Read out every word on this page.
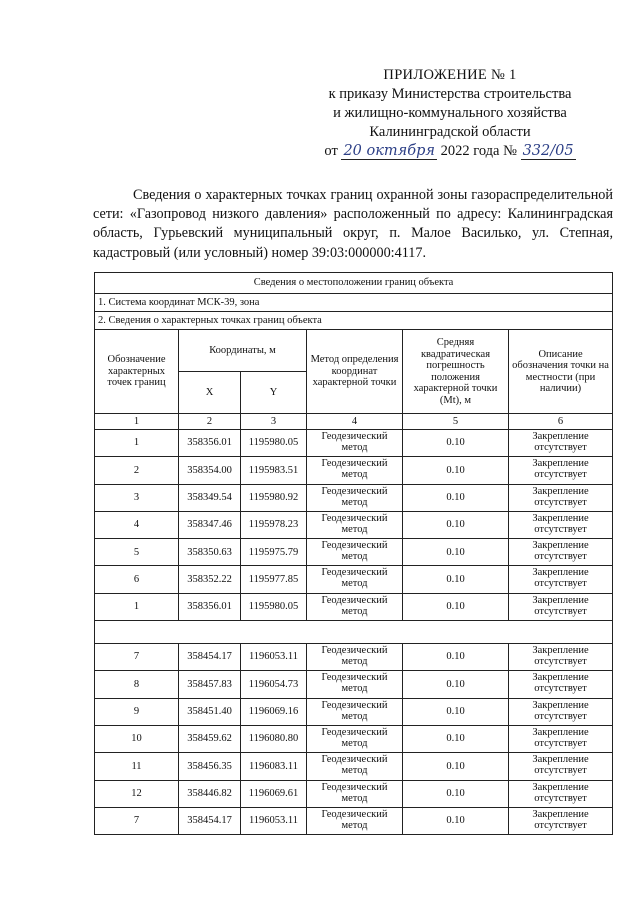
ПРИЛОЖЕНИЕ № 1
к приказу Министерства строительства
и жилищно-коммунального хозяйства
Калининградской области
от 20 октября 2022 года № 332/05
Сведения о характерных точках границ охранной зоны газораспределительной сети: «Газопровод низкого давления» расположенный по адресу: Калининградская область, Гурьевский муниципальный округ, п. Малое Василько, ул. Степная, кадастровый (или условный) номер 39:03:000000:4117.
Сведения о местоположении границ объекта					
1. Система координат МСК-39, зона					
2. Сведения о характерных точках границ объекта					
Обозначение характерных точек границ	Координаты, м		Метод определения координат характерной точки	Средняя квадратическая погрешность положения характерной точки (Mt), м	Описание обозначения точки на местности (при наличии)
	X	Y			
1	2	3	4	5	6
1	358356.01	1195980.05	Геодезический метод	0.10	Закрепление отсутствует
2	358354.00	1195983.51	Геодезический метод	0.10	Закрепление отсутствует
3	358349.54	1195980.92	Геодезический метод	0.10	Закрепление отсутствует
4	358347.46	1195978.23	Геодезический метод	0.10	Закрепление отсутствует
5	358350.63	1195975.79	Геодезический метод	0.10	Закрепление отсутствует
6	358352.22	1195977.85	Геодезический метод	0.10	Закрепление отсутствует
1	358356.01	1195980.05	Геодезический метод	0.10	Закрепление отсутствует

7	358454.17	1196053.11	Геодезический метод	0.10	Закрепление отсутствует
8	358457.83	1196054.73	Геодезический метод	0.10	Закрепление отсутствует
9	358451.40	1196069.16	Геодезический метод	0.10	Закрепление отсутствует
10	358459.62	1196080.80	Геодезический метод	0.10	Закрепление отсутствует
11	358456.35	1196083.11	Геодезический метод	0.10	Закрепление отсутствует
12	358446.82	1196069.61	Геодезический метод	0.10	Закрепление отсутствует
7	358454.17	1196053.11	Геодезический метод	0.10	Закрепление отсутствует
